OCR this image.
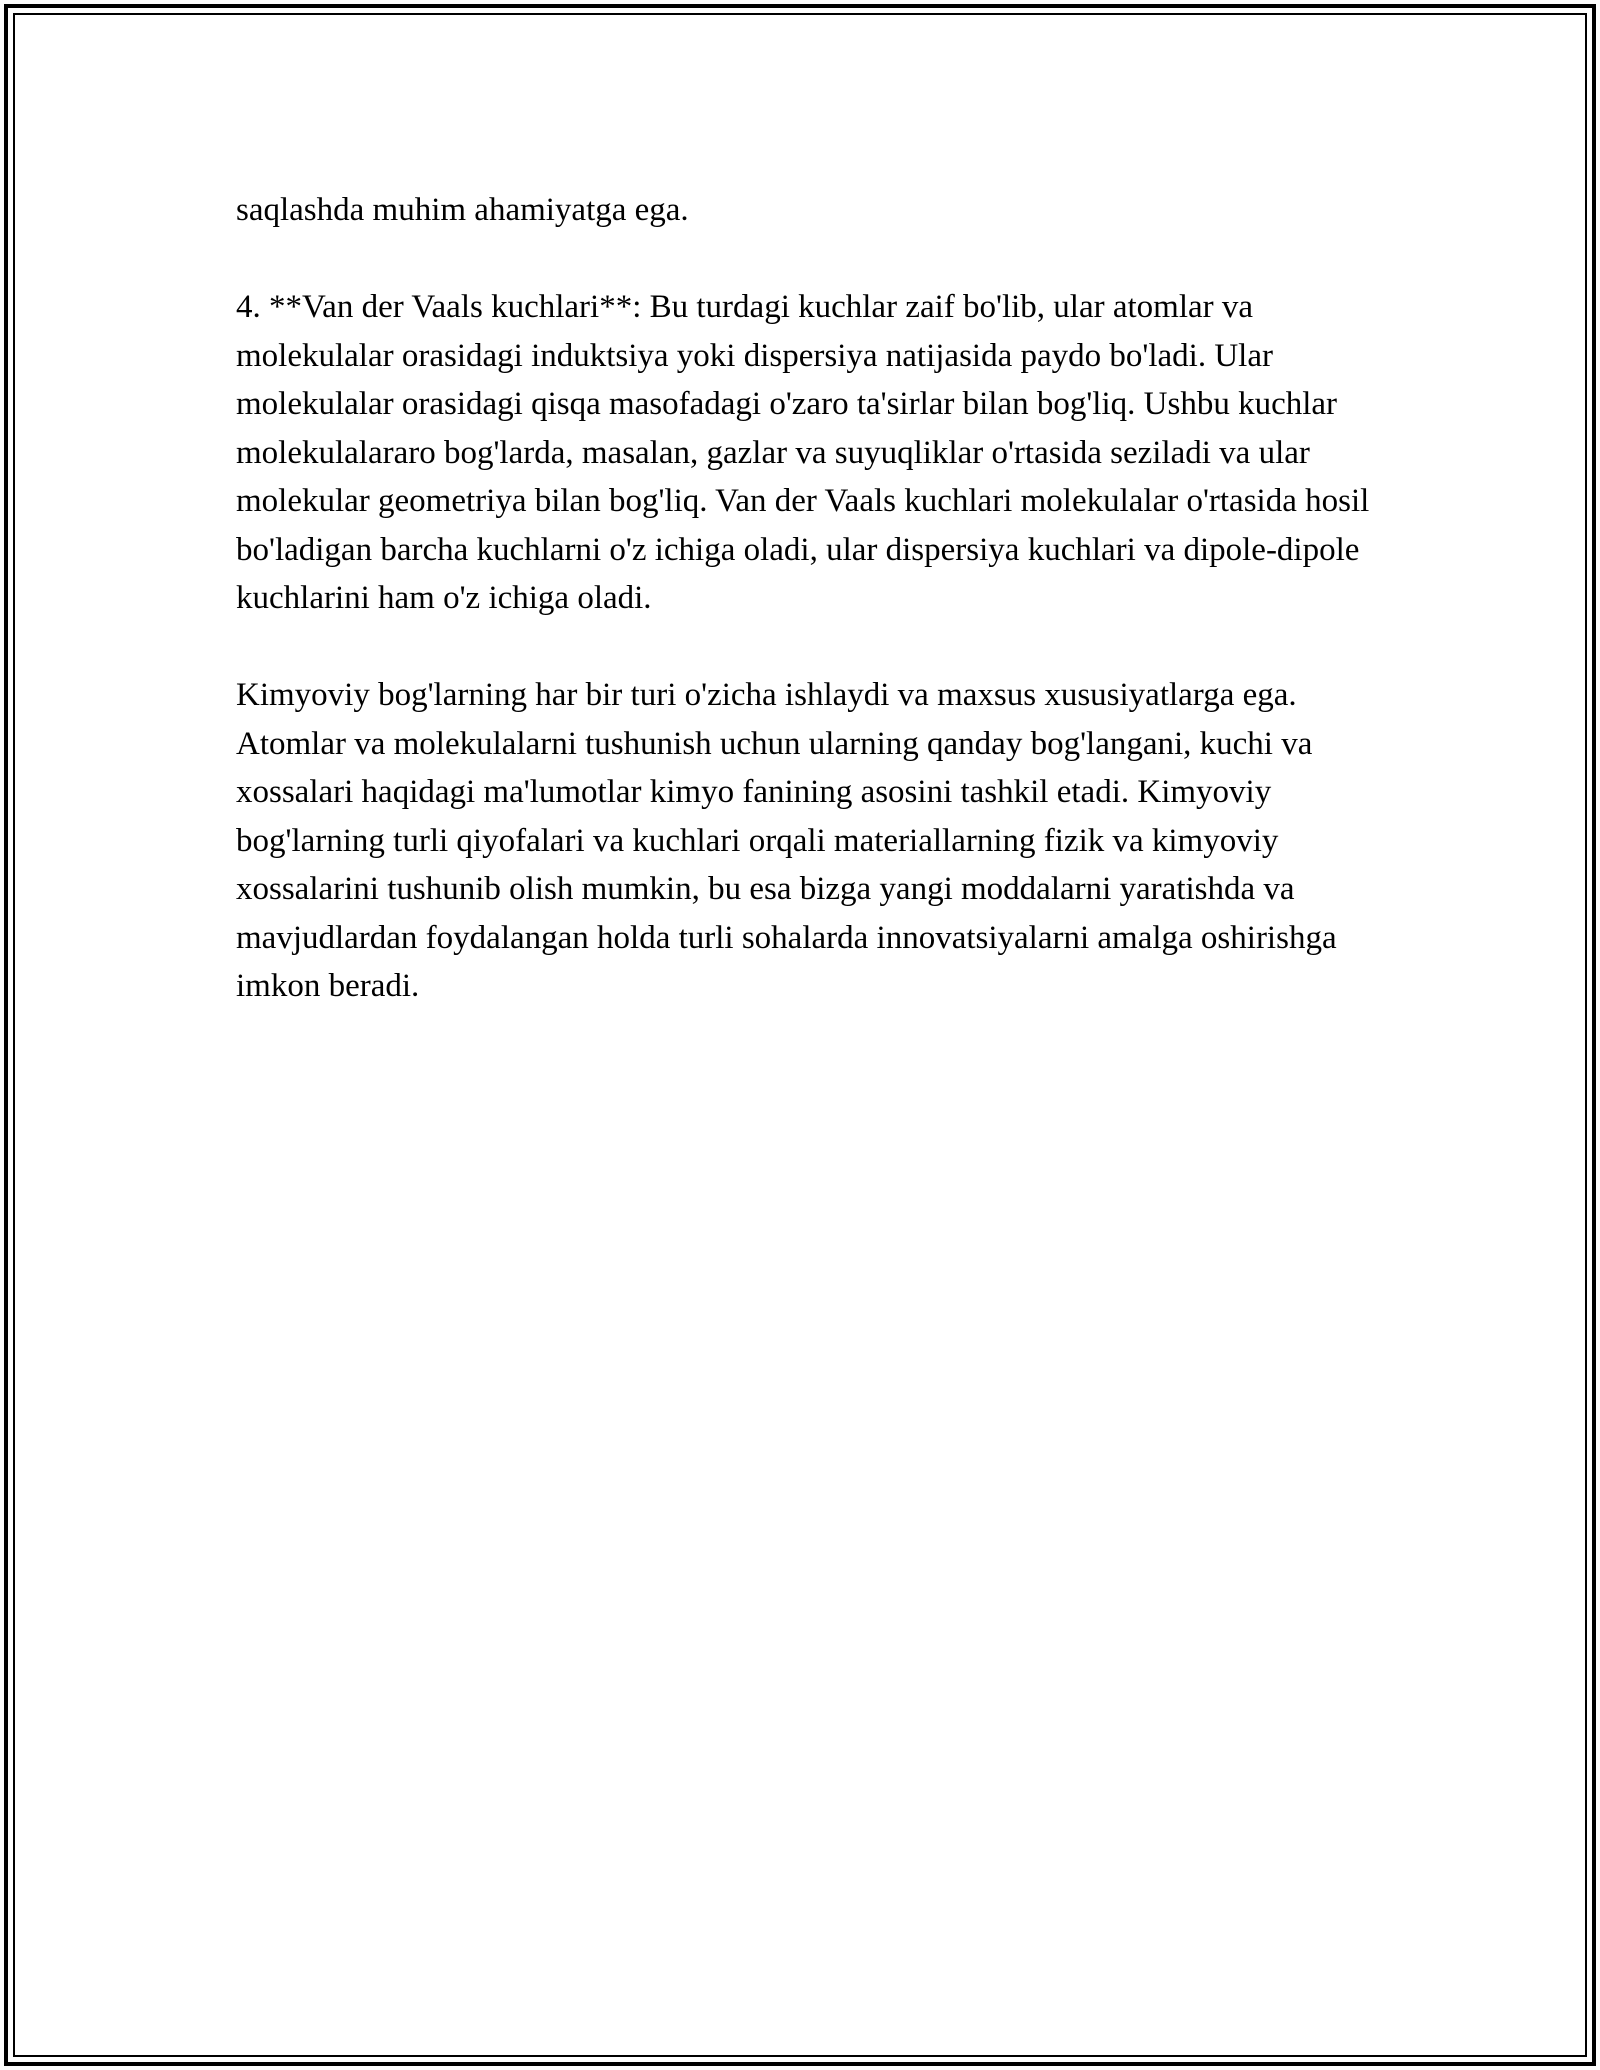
saqlashda muhim ahamiyatga ega.

4. **Van der Vaals kuchlari**: Bu turdagi kuchlar zaif bo'lib, ular atomlar va molekulalar orasidagi induktsiya yoki dispersiya natijasida paydo bo'ladi. Ular molekulalar orasidagi qisqa masofadagi o'zaro ta'sirlar bilan bog'liq. Ushbu kuchlar molekulalararo bog'larda, masalan, gazlar va suyuqliklar o'rtasida seziladi va ular molekular geometriya bilan bog'liq. Van der Vaals kuchlari molekulalar o'rtasida hosil bo'ladigan barcha kuchlarni o'z ichiga oladi, ular dispersiya kuchlari va dipole-dipole kuchlarini ham o'z ichiga oladi.

Kimyoviy bog'larning har bir turi o'zicha ishlaydi va maxsus xususiyatlarga ega. Atomlar va molekulalarni tushunish uchun ularning qanday bog'langani, kuchi va xossalari haqidagi ma'lumotlar kimyo fanining asosini tashkil etadi. Kimyoviy bog'larning turli qiyofalari va kuchlari orqali materiallarning fizik va kimyoviy xossalarini tushunib olish mumkin, bu esa bizga yangi moddalarni yaratishda va mavjudlardan foydalangan holda turli sohalarda innovatsiyalarni amalga oshirishga imkon beradi.
